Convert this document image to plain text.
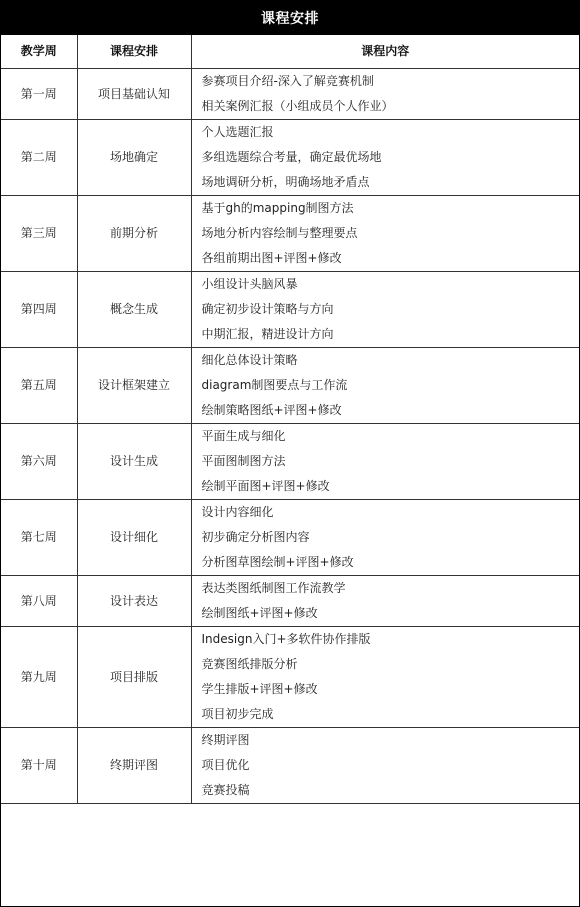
课程安排
教学周	课程安排	课程内容
第一周	项目基础认知	参赛项目介绍-深入了解竞赛机制
相关案例汇报（小组成员个人作业）

第二周	场地确定	个人选题汇报
多组选题综合考量，确定最优场地
场地调研分析，明确场地矛盾点

第三周	前期分析	基于gh的mapping制图方法
场地分析内容绘制与整理要点
各组前期出图+评图+修改

第四周	概念生成	小组设计头脑风暴
确定初步设计策略与方向
中期汇报，精进设计方向

第五周	设计框架建立	细化总体设计策略
diagram制图要点与工作流
绘制策略图纸+评图+修改

第六周	设计生成	平面生成与细化
平面图制图方法
绘制平面图+评图+修改

第七周	设计细化	设计内容细化
初步确定分析图内容
分析图草图绘制+评图+修改

第八周	设计表达	表达类图纸制图工作流教学
绘制图纸+评图+修改

第九周	项目排版	Indesign入门+多软件协作排版
竞赛图纸排版分析
学生排版+评图+修改
项目初步完成

第十周	终期评图	终期评图
项目优化
竞赛投稿
